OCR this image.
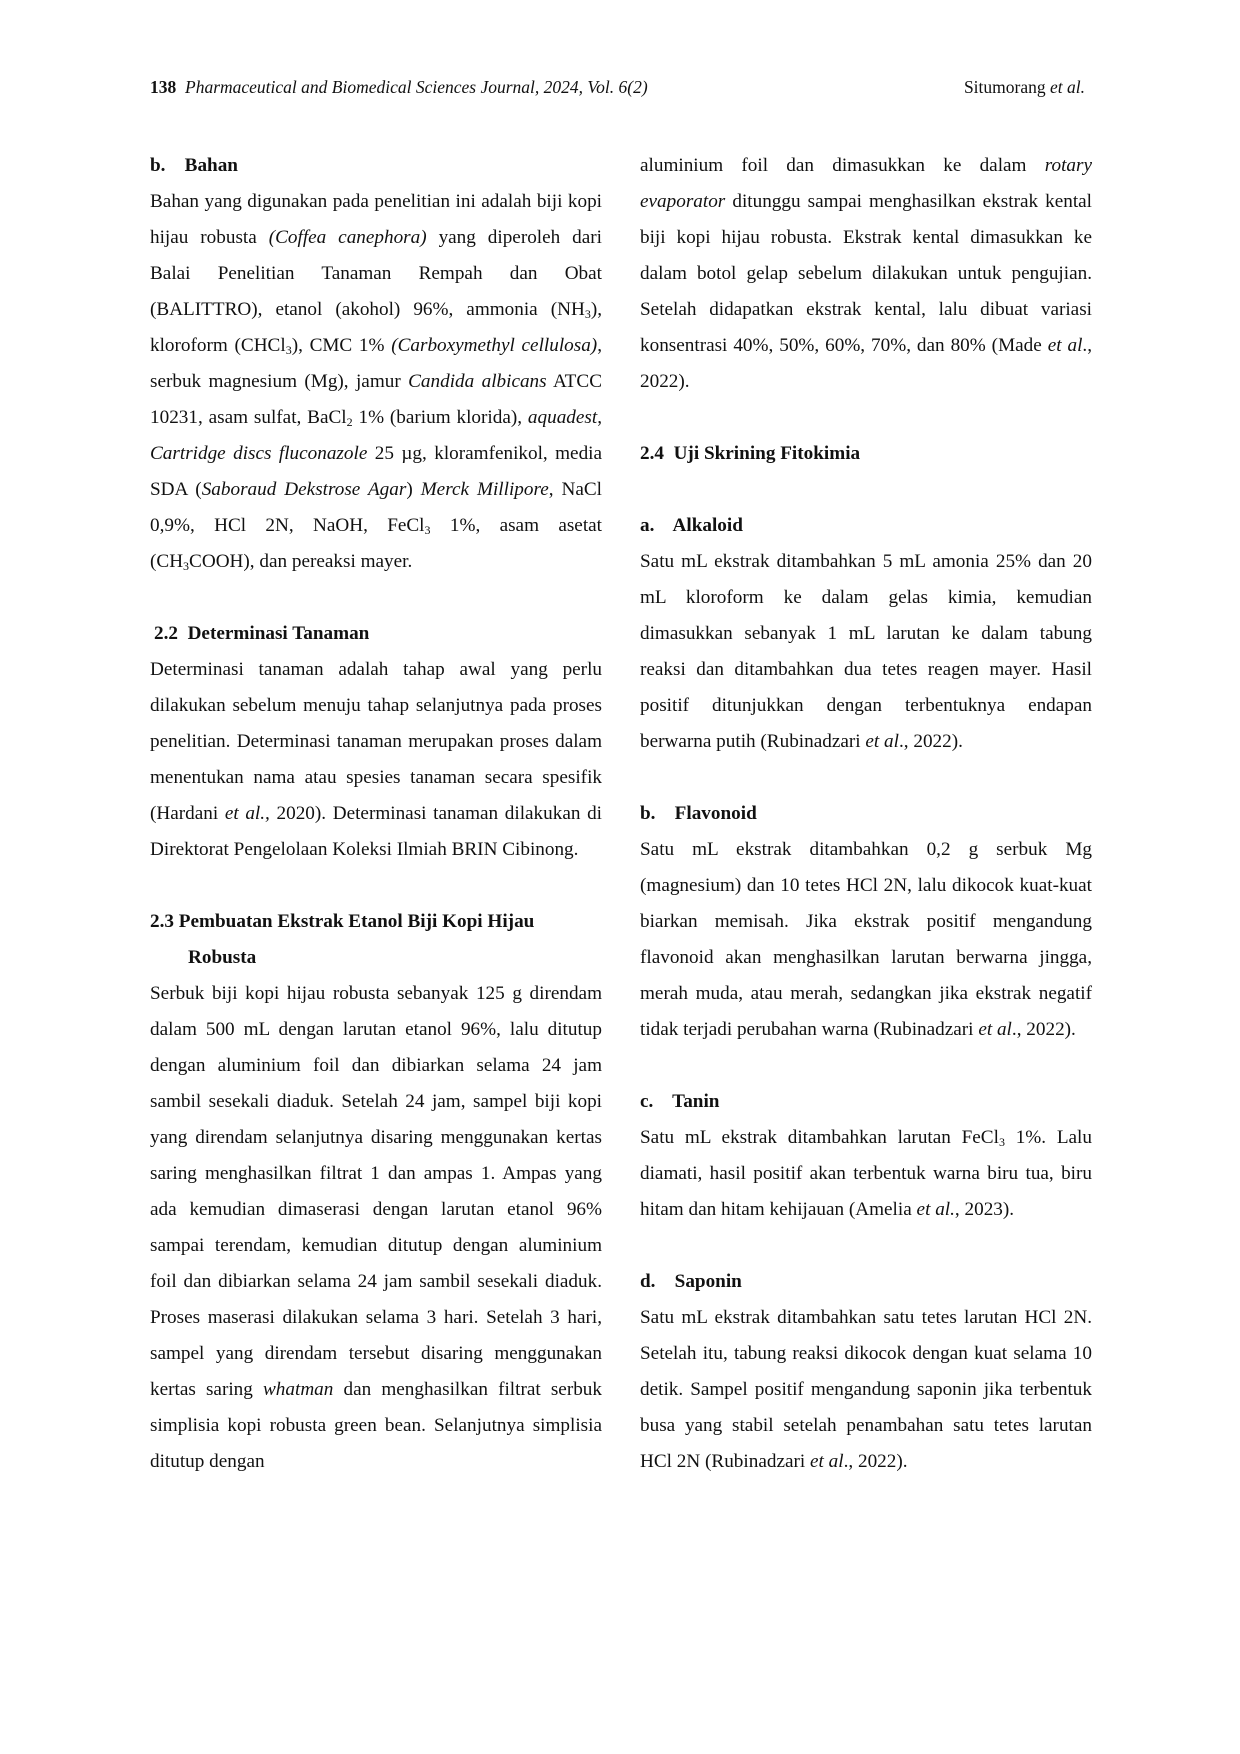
138 Pharmaceutical and Biomedical Sciences Journal, 2024, Vol. 6(2)	Situmorang et al.
b.    Bahan

Bahan yang digunakan pada penelitian ini adalah biji kopi hijau robusta (Coffea canephora) yang diperoleh dari Balai Penelitian Tanaman Rempah dan Obat (BALITTRO), etanol (akohol) 96%, ammonia $(NH_3)$, kloroform (CHCl$_3$), CMC 1% (Carboxymethyl cellulosa), serbuk magnesium (Mg), jamur Candida albicans ATCC 10231, asam sulfat, BaCl$_2$ 1% (barium klorida), aquadest, Cartridge discs fluconazole 25 µg, kloramfenikol, media SDA (Saboraud Dekstrose Agar) Merck Millipore, NaCl 0,9%, HCl 2N, NaOH, FeCl$_3$ 1%, asam asetat $(CH_3COOH)$, dan pereaksi mayer.

2.2  Determinasi Tanaman

Determinasi tanaman adalah tahap awal yang perlu dilakukan sebelum menuju tahap selanjutnya pada proses penelitian. Determinasi tanaman merupakan proses dalam menentukan nama atau spesies tanaman secara spesifik (Hardani et al., 2020). Determinasi tanaman dilakukan di Direktorat Pengelolaan Koleksi Ilmiah BRIN Cibinong.

2.3 Pembuatan Ekstrak Etanol Biji Kopi Hijau Robusta

Serbuk biji kopi hijau robusta sebanyak 125 g direndam dalam 500 mL dengan larutan etanol 96%, lalu ditutup dengan aluminium foil dan dibiarkan selama 24 jam sambil sesekali diaduk. Setelah 24 jam, sampel biji kopi yang direndam selanjutnya disaring menggunakan kertas saring menghasilkan filtrat 1 dan ampas 1. Ampas yang ada kemudian dimaserasi dengan larutan etanol 96% sampai terendam, kemudian ditutup dengan aluminium foil dan dibiarkan selama 24 jam sambil sesekali diaduk. Proses maserasi dilakukan selama 3 hari. Setelah 3 hari, sampel yang direndam tersebut disaring menggunakan kertas saring whatman dan menghasilkan filtrat serbuk simplisia kopi robusta green bean. Selanjutnya simplisia ditutup dengan

aluminium foil dan dimasukkan ke dalam rotary evaporator ditunggu sampai menghasilkan ekstrak kental biji kopi hijau robusta. Ekstrak kental dimasukkan ke dalam botol gelap sebelum dilakukan untuk pengujian. Setelah didapatkan ekstrak kental, lalu dibuat variasi konsentrasi 40%, 50%, 60%, 70%, dan 80% (Made et al., 2022).

2.4  Uji Skrining Fitokimia
a.    Alkaloid

Satu mL ekstrak ditambahkan 5 mL amonia 25% dan 20 mL kloroform ke dalam gelas kimia, kemudian dimasukkan sebanyak 1 mL larutan ke dalam tabung reaksi dan ditambahkan dua tetes reagen mayer. Hasil positif ditunjukkan dengan terbentuknya endapan berwarna putih (Rubinadzari et al., 2022).

b.    Flavonoid

Satu mL ekstrak ditambahkan 0,2 g serbuk Mg (magnesium) dan 10 tetes HCl 2N, lalu dikocok kuat-kuat biarkan memisah. Jika ekstrak positif mengandung flavonoid akan menghasilkan larutan berwarna jingga, merah muda, atau merah, sedangkan jika ekstrak negatif tidak terjadi perubahan warna (Rubinadzari et al., 2022).

c.    Tanin

Satu mL ekstrak ditambahkan larutan FeCl$_3$ 1%. Lalu diamati, hasil positif akan terbentuk warna biru tua, biru hitam dan hitam kehijauan (Amelia et al., 2023).

d.    Saponin

Satu mL ekstrak ditambahkan satu tetes larutan HCl 2N. Setelah itu, tabung reaksi dikocok dengan kuat selama 10 detik. Sampel positif mengandung saponin jika terbentuk busa yang stabil setelah penambahan satu tetes larutan HCl 2N (Rubinadzari et al., 2022).
